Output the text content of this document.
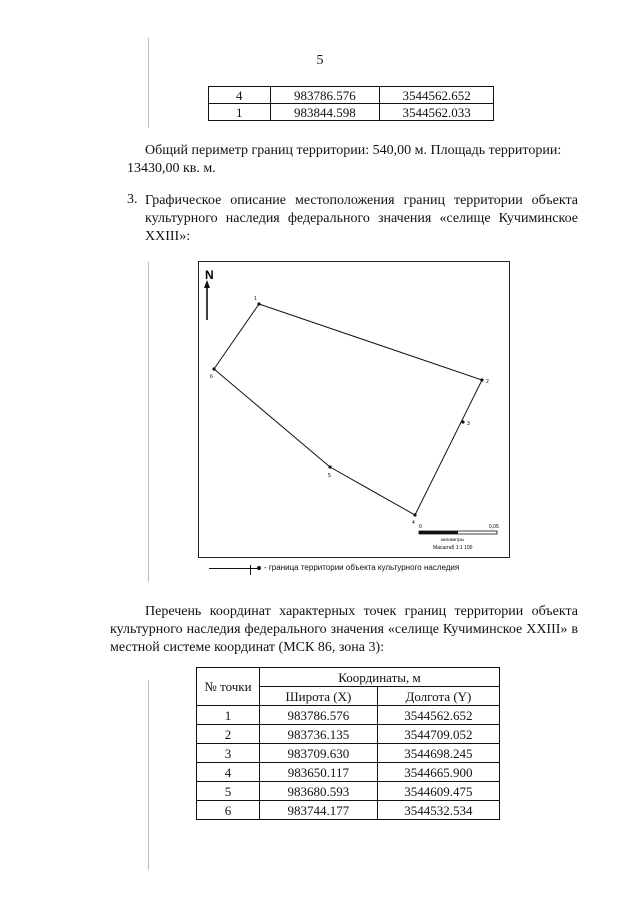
5
4	983786.576	3544562.652
1	983844.598	3544562.033
Общий периметр границ территории: 540,00 м. Площадь территории:
13430,00 кв. м.
3. Графическое описание местоположения границ территории объекта культурного наследия федерального значения «селище Кучиминское XXIII»:
N
1
2
3
4
5
6
0	0,05
километры
Масштаб 1:1 100
- граница территории объекта культурного наследия
Перечень координат характерных точек границ территории объекта культурного наследия федерального значения «селище Кучиминское XXIII» в местной системе координат (МСК 86, зона 3):
№ точки	Координаты, м	
	Широта (X)	Долгота (Y)
1	983786.576	3544562.652
2	983736.135	3544709.052
3	983709.630	3544698.245
4	983650.117	3544665.900
5	983680.593	3544609.475
6	983744.177	3544532.534
